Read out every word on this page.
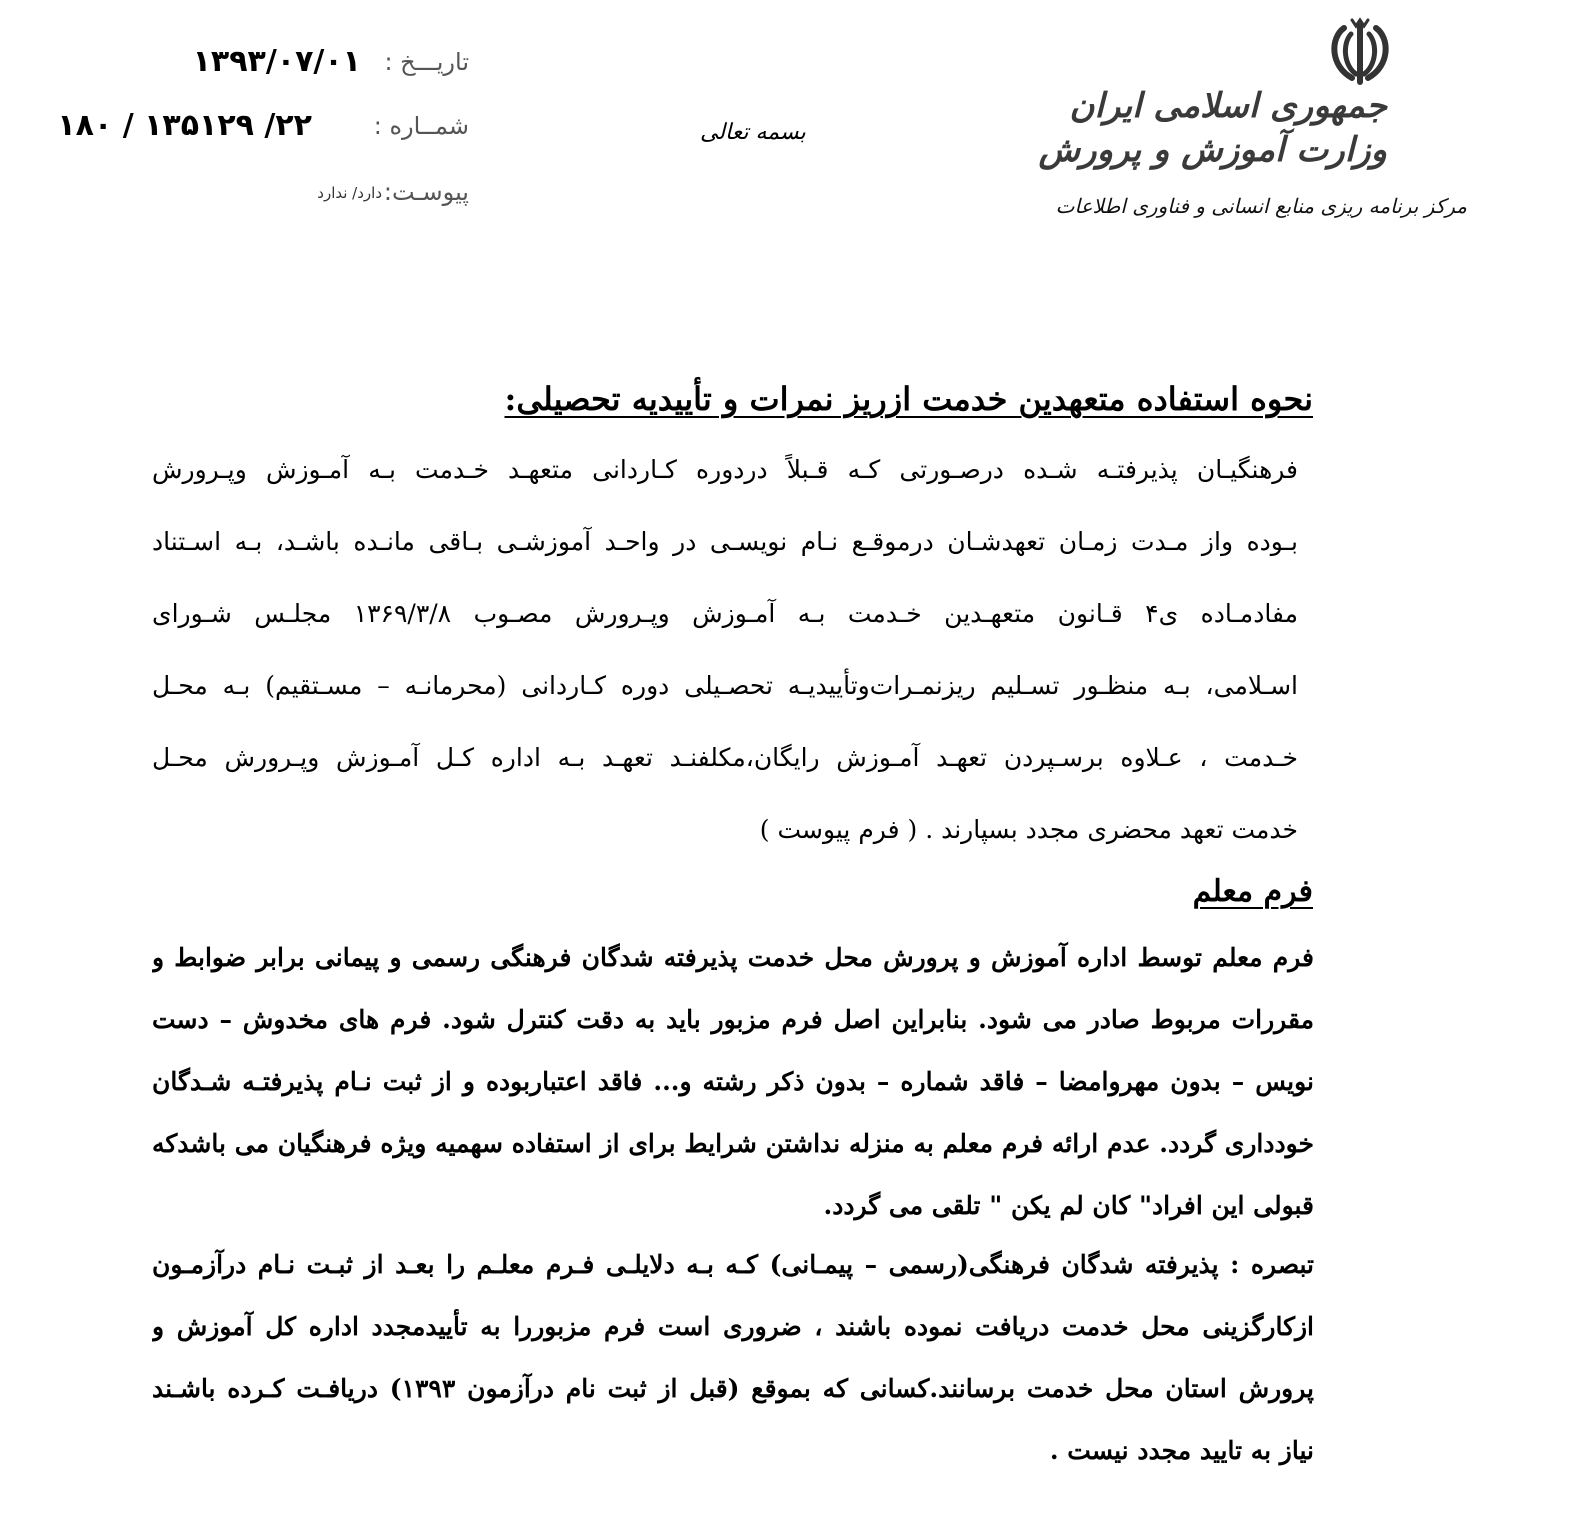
جمهوری اسلامی ایران
وزارت آموزش و پرورش
مرکز برنامه ریزی منابع انسانی و فناوری اطلاعات
بسمه تعالی
تاریـــخ :
۱۳۹۳/۰۷/۰۱
شمــاره :
۱۸۰ / ۱۳۵۱۲۹ /۲۲
پیوسـت:
دارد/ ندارد
نحوه استفاده متعهدین خدمت ازریز نمرات و تأییدیه تحصیلی:
فرهنگیـان پذیرفتـه شـده درصـورتی کـه قـبلاً دردوره کـاردانی متعهـد خـدمت بـه آمـوزش وپـرورش
بـوده واز مـدت زمـان تعهدشـان درموقـع نـام نویسـی در واحـد آموزشـی بـاقی مانـده باشـد، بـه اسـتناد
مفادمـاده ی۴ قـانون متعهـدین خـدمت بـه آمـوزش وپـرورش مصـوب ۱۳۶۹/۳/۸ مجلـس شـورای
اسـلامی، بـه منظـور تسـلیم ریزنمـرات‌وتأییدیـه تحصـیلی دوره کـاردانی (محرمانـه – مسـتقیم) بـه محـل
خـدمت ، عـلاوه برسـپردن تعهـد آمـوزش رایگان،مکلفنـد تعهـد بـه اداره کـل آمـوزش وپـرورش محـل
خدمت تعهد محضری مجدد بسپارند . ( فرم پیوست )
فرم معلم
فرم معلم توسط اداره آموزش و پرورش محل خدمت پذیرفته شدگان فرهنگی رسمی و پیمانی برابر ضوابط و
مقررات مربوط صادر می شود. بنابراین اصل فرم مزبور باید به دقت کنترل شود. فرم های مخدوش – دست
نویس – بدون مهروامضا – فاقد شماره – بدون ذکر رشته و... فاقد اعتباربوده و از ثبت نـام پذیرفتـه شـدگان
خودداری گردد. عدم ارائه فرم معلم به منزله نداشتن شرایط برای از استفاده سهمیه ویژه فرهنگیان می باشدکه
قبولی این افراد" کان لم یکن " تلقی می گردد.
تبصره : پذیرفته شدگان فرهنگی(رسمی – پیمـانی) کـه بـه دلایلـی فـرم معلـم را بعـد از ثبـت نـام درآزمـون
ازکارگزینی محل خدمت دریافت نموده باشند ، ضروری است فرم مزبوررا به تأییدمجدد اداره کل آموزش و
پرورش استان محل خدمت برسانند.کسانی که بموقع (قبل از ثبت نام درآزمون ۱۳۹۳) دریافـت کـرده باشـند
نیاز به تایید مجدد نیست .
